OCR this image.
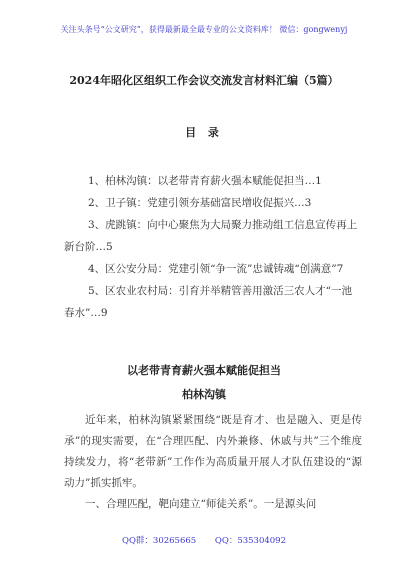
关注头条号“公文研究”，获得最新最全最专业的公文资料库！ 微信：gongwenyj
2024年昭化区组织工作会议交流发言材料汇编（5篇）
目 录

1、柏林沟镇：以老带青育薪火强本赋能促担当…1

2、卫子镇：党建引领夯基础富民增收促振兴…3

3、虎跳镇：向中心聚焦为大局聚力推动组工信息宣传再上新台阶…5

4、区公安分局：党建引领“争一流”忠诚铸魂“创满意”7

5、区农业农村局：引育并举精管善用激活三农人才“一池春水”…9

以老带青育薪火强本赋能促担当
柏林沟镇

近年来，柏林沟镇紧紧围绕“既是育才、也是融入、更是传承”的现实需要，在“合理匹配、内外兼修、休戚与共”三个维度持续发力，将“老带新”工作作为高质量开展人才队伍建设的“源动力”抓实抓牢。

一、合理匹配，靶向建立“师徒关系”。一是源头问

QQ群：30265665 QQ：535304092
